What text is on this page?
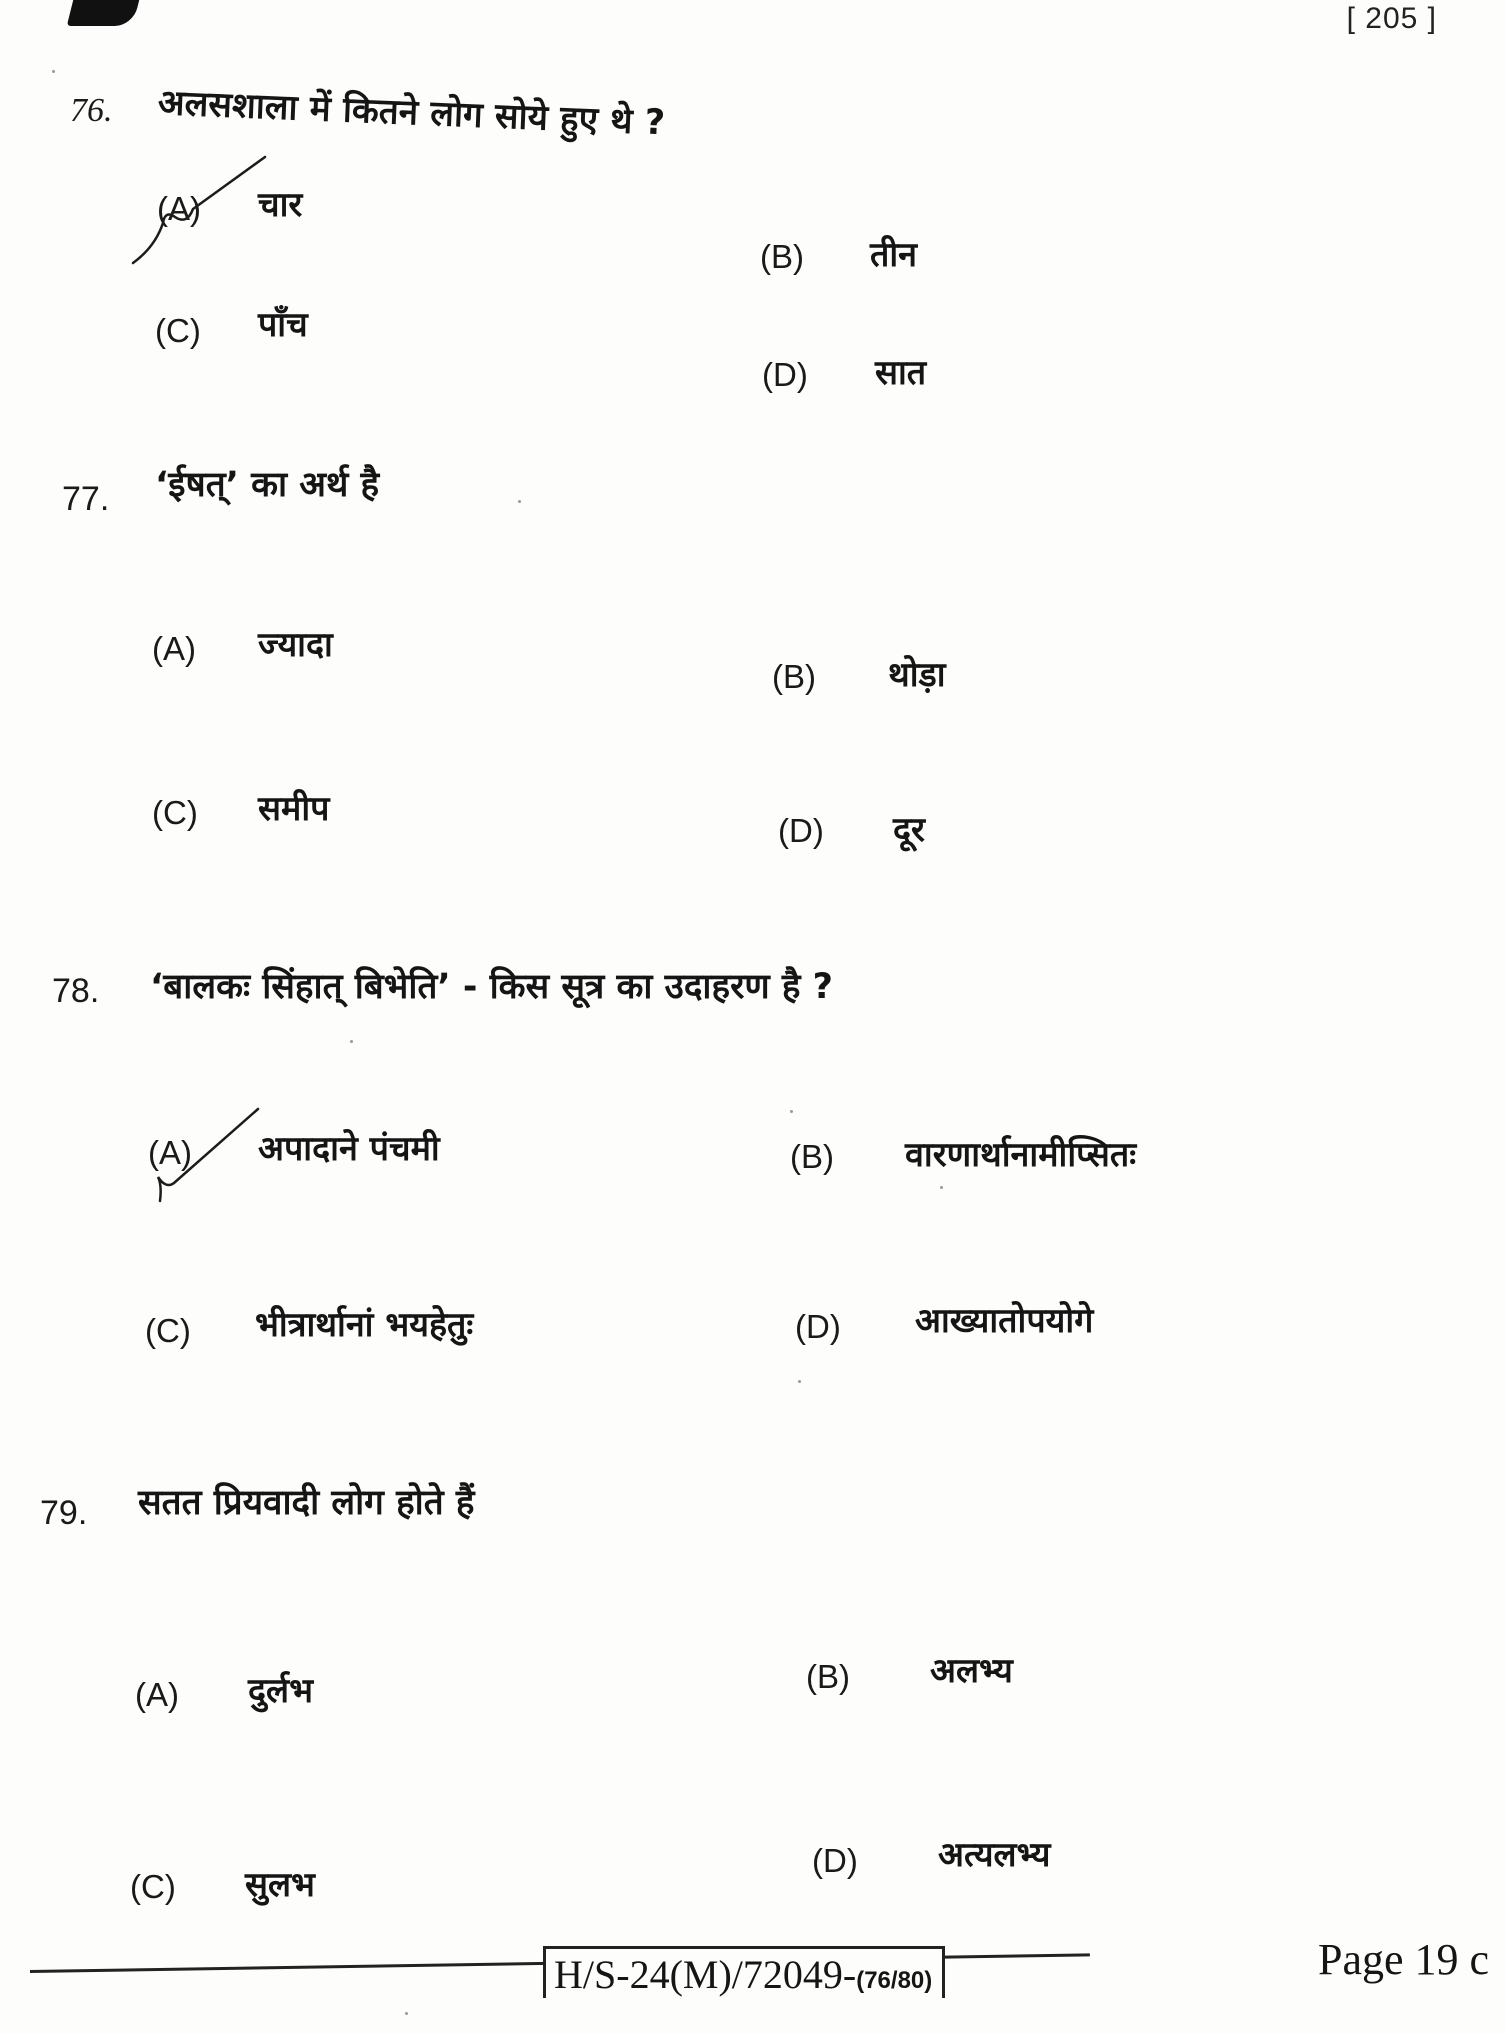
[ 205 ]
76. अलसशाला में कितने लोग सोये हुए थे ?
(A) चार
(B) तीन
(C) पाँच
(D) सात
77. ‘ईषत्’ का अर्थ है
(A) ज्यादा
(B) थोड़ा
(C) समीप
(D) दूर
78. ‘बालकः सिंहात् बिभेति’ - किस सूत्र का उदाहरण है ?
(A) अपादाने पंचमी	(B) वारणार्थानामीप्सितः
(C) भीत्रार्थानां भयहेतुः	(D) आख्यातोपयोगे
79. सतत प्रियवादी लोग होते हैं
(A) दुर्लभ	(B) अलभ्य
(C) सुलभ
(D) अत्यलभ्य
H/S-24(M)/72049-(76/80)	Page 19 c
